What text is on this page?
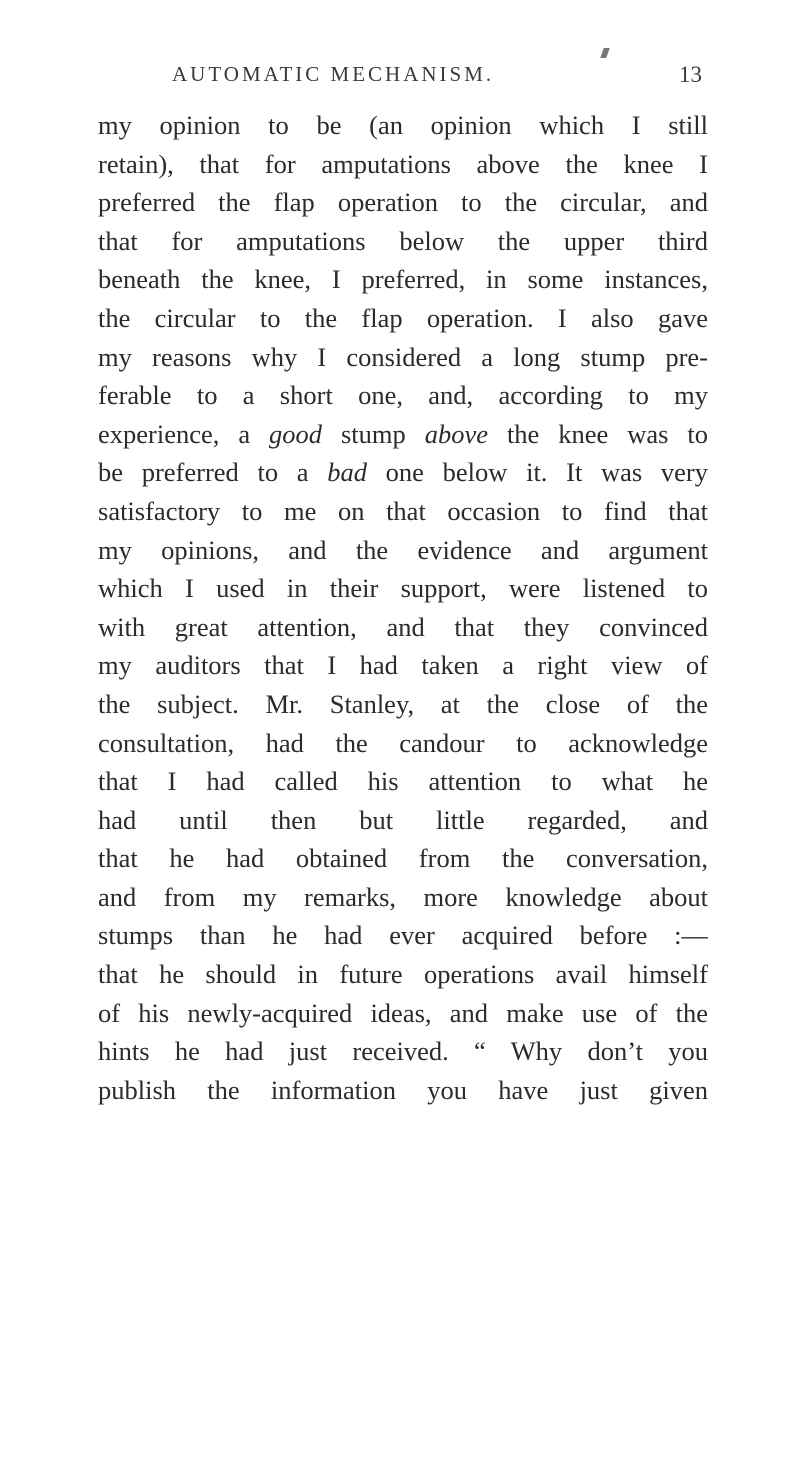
AUTOMATIC MECHANISM.	13
my opinion to be (an opinion which I still
retain), that for amputations above the knee I
preferred the flap operation to the circular, and
that for amputations below the upper third
beneath the knee, I preferred, in some instances,
the circular to the flap operation. I also gave
my reasons why I considered a long stump pre-
ferable to a short one, and, according to my
experience, a good stump above the knee was to
be preferred to a bad one below it. It was very
satisfactory to me on that occasion to find that
my opinions, and the evidence and argument
which I used in their support, were listened to
with great attention, and that they convinced
my auditors that I had taken a right view of
the subject. Mr. Stanley, at the close of the
consultation, had the candour to acknowledge
that I had called his attention to what he
had until then but little regarded, and
that he had obtained from the conversation,
and from my remarks, more knowledge about
stumps than he had ever acquired before :—
that he should in future operations avail himself
of his newly-acquired ideas, and make use of the
hints he had just received. “ Why don’t you
publish the information you have just given
